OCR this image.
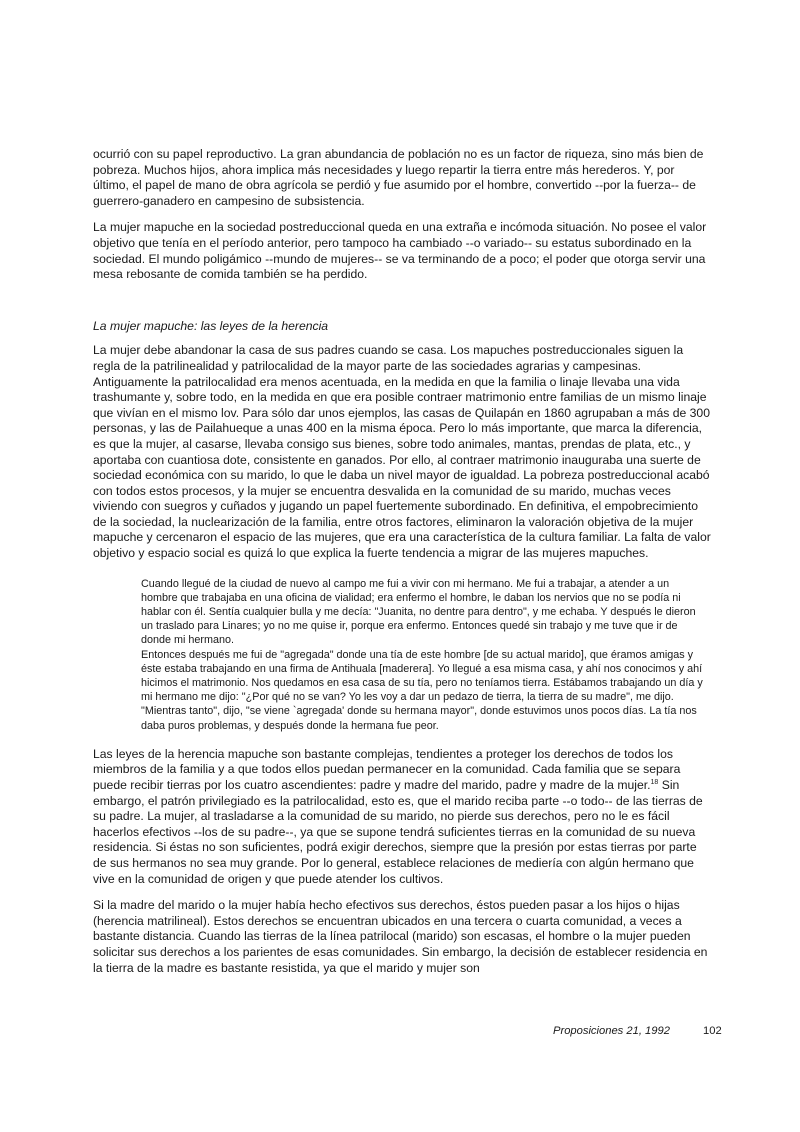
ocurrió con su papel reproductivo. La gran abundancia de población no es un factor de riqueza, sino más bien de pobreza. Muchos hijos, ahora implica más necesidades y luego repartir la tierra entre más herederos. Y, por último, el papel de mano de obra agrícola se perdió y fue asumido por el hombre, convertido --por la fuerza-- de guerrero-ganadero en campesino de subsistencia.

La mujer mapuche en la sociedad postreduccional queda en una extraña e incómoda situación. No posee el valor objetivo que tenía en el período anterior, pero tampoco ha cambiado --o variado-- su estatus subordinado en la sociedad. El mundo poligámico --mundo de mujeres-- se va terminando de a poco; el poder que otorga servir una mesa rebosante de comida también se ha perdido.

La mujer mapuche: las leyes de la herencia

La mujer debe abandonar la casa de sus padres cuando se casa. Los mapuches postreduccionales siguen la regla de la patrilinealidad y patrilocalidad de la mayor parte de las sociedades agrarias y campesinas. Antiguamente la patrilocalidad era menos acentuada, en la medida en que la familia o linaje llevaba una vida trashumante y, sobre todo, en la medida en que era posible contraer matrimonio entre familias de un mismo linaje que vivían en el mismo lov. Para sólo dar unos ejemplos, las casas de Quilapán en 1860 agrupaban a más de 300 personas, y las de Pailahueque a unas 400 en la misma época. Pero lo más importante, que marca la diferencia, es que la mujer, al casarse, llevaba consigo sus bienes, sobre todo animales, mantas, prendas de plata, etc., y aportaba con cuantiosa dote, consistente en ganados. Por ello, al contraer matrimonio inauguraba una suerte de sociedad económica con su marido, lo que le daba un nivel mayor de igualdad. La pobreza postreduccional acabó con todos estos procesos, y la mujer se encuentra desvalida en la comunidad de su marido, muchas veces viviendo con suegros y cuñados y jugando un papel fuertemente subordinado. En definitiva, el empobrecimiento de la sociedad, la nuclearización de la familia, entre otros factores, eliminaron la valoración objetiva de la mujer mapuche y cercenaron el espacio de las mujeres, que era una característica de la cultura familiar. La falta de valor objetivo y espacio social es quizá lo que explica la fuerte tendencia a migrar de las mujeres mapuches.

Cuando llegué de la ciudad de nuevo al campo me fui a vivir con mi hermano. Me fui a trabajar, a atender a un hombre que trabajaba en una oficina de vialidad; era enfermo el hombre, le daban los nervios que no se podía ni hablar con él. Sentía cualquier bulla y me decía: "Juanita, no dentre para dentro", y me echaba. Y después le dieron un traslado para Linares; yo no me quise ir, porque era enfermo. Entonces quedé sin trabajo y me tuve que ir de donde mi hermano.

Entonces después me fui de "agregada" donde una tía de este hombre [de su actual marido], que éramos amigas y éste estaba trabajando en una firma de Antihuala [maderera]. Yo llegué a esa misma casa, y ahí nos conocimos y ahí hicimos el matrimonio. Nos quedamos en esa casa de su tía, pero no teníamos tierra. Estábamos trabajando un día y mi hermano me dijo: "¿Por qué no se van? Yo les voy a dar un pedazo de tierra, la tierra de su madre", me dijo. "Mientras tanto", dijo, "se viene `agregada' donde su hermana mayor", donde estuvimos unos pocos días. La tía nos daba puros problemas, y después donde la hermana fue peor.

Las leyes de la herencia mapuche son bastante complejas, tendientes a proteger los derechos de todos los miembros de la familia y a que todos ellos puedan permanecer en la comunidad. Cada familia que se separa puede recibir tierras por los cuatro ascendientes: padre y madre del marido, padre y madre de la mujer.$^{18}$ Sin embargo, el patrón privilegiado es la patrilocalidad, esto es, que el marido reciba parte --o todo-- de las tierras de su padre. La mujer, al trasladarse a la comunidad de su marido, no pierde sus derechos, pero no le es fácil hacerlos efectivos --los de su padre--, ya que se supone tendrá suficientes tierras en la comunidad de su nueva residencia. Si éstas no son suficientes, podrá exigir derechos, siempre que la presión por estas tierras por parte de sus hermanos no sea muy grande. Por lo general, establece relaciones de mediería con algún hermano que vive en la comunidad de origen y que puede atender los cultivos.

Si la madre del marido o la mujer había hecho efectivos sus derechos, éstos pueden pasar a los hijos o hijas (herencia matrilineal). Estos derechos se encuentran ubicados en una tercera o cuarta comunidad, a veces a bastante distancia. Cuando las tierras de la línea patrilocal (marido) son escasas, el hombre o la mujer pueden solicitar sus derechos a los parientes de esas comunidades. Sin embargo, la decisión de establecer residencia en la tierra de la madre es bastante resistida, ya que el marido y mujer son

Proposiciones 21, 1992	102
